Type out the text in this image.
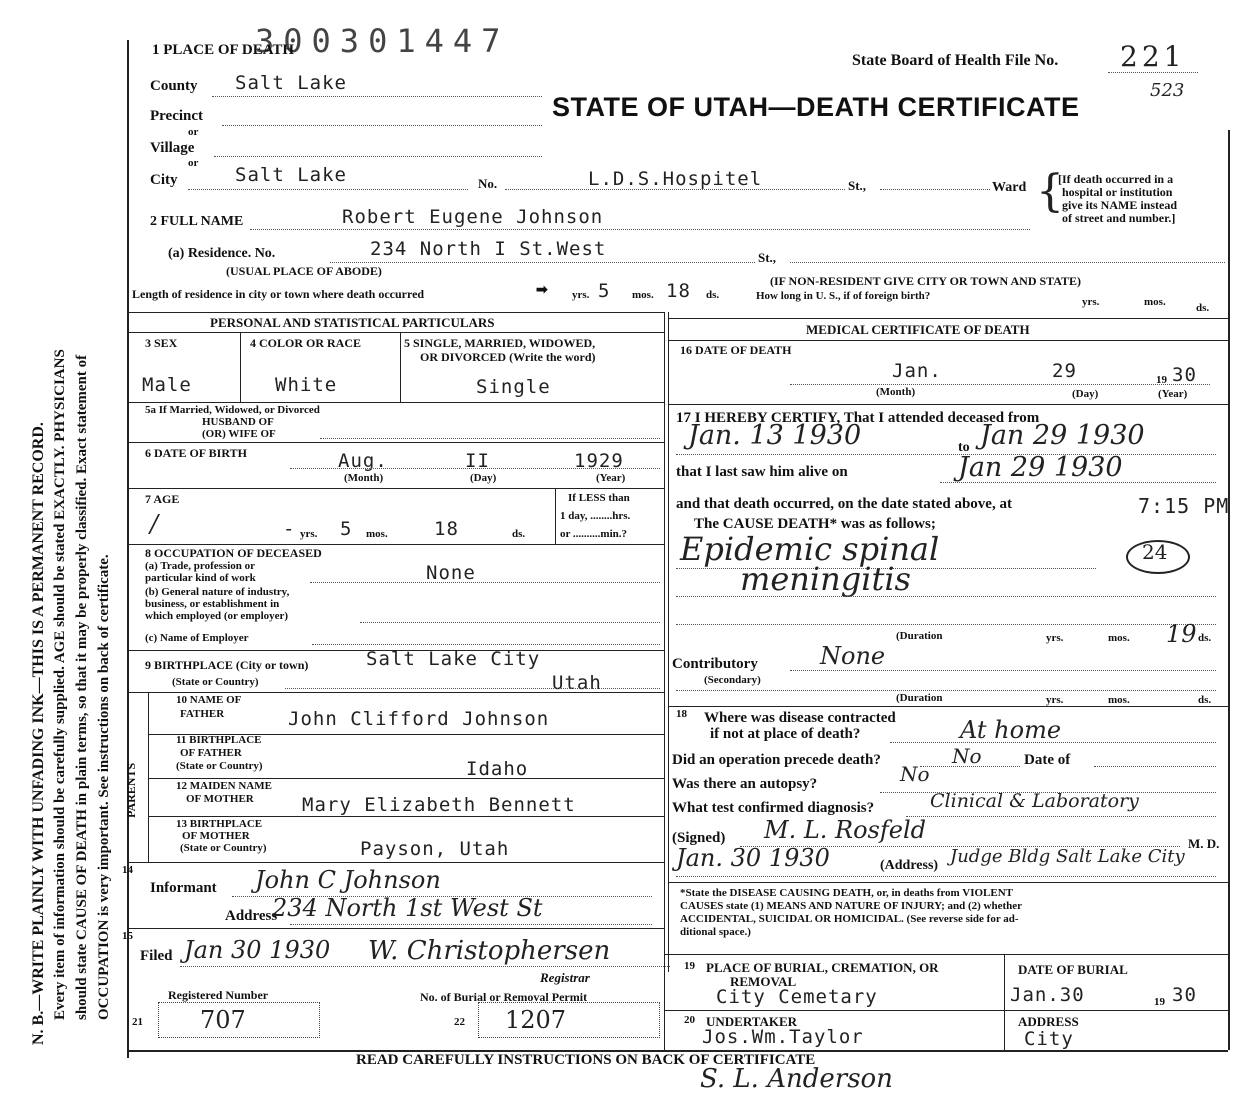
N. B.—WRITE PLAINLY WITH UNFADING INK—THIS IS A PERMANENT RECORD. Every item of information should be carefully supplied. AGE should be stated EXACTLY. PHYSICIANS should state CAUSE OF DEATH in plain terms, so that it may be properly classified. Exact statement of OCCUPATION is very important. See instructions on back of certificate.
300301447
1 PLACE OF DEATH
State Board of Health File No. 221
523
STATE OF UTAH—DEATH CERTIFICATE
County Salt Lake
Precinct
or
Village
or
City	Salt Lake	No.	L.D.S.Hospitel	St.,	Ward {
[If death occurred in a
hospital or institution
give its NAME instead
of street and number.]
2 FULL NAME	Robert Eugene Johnson
(a) Residence. No.	234 North I St.West	St.,
(USUAL PLACE OF ABODE)
(IF NON-RESIDENT GIVE CITY OR TOWN AND STATE)
Length of residence in city or town where death occurred	➡ yrs. 5 mos. 18 ds.	How long in U. S., if of foreign birth?	yrs.	mos.	ds.
PERSONAL AND STATISTICAL PARTICULARS	MEDICAL CERTIFICATE OF DEATH
3 SEX	4 COLOR OR RACE	5 SINGLE, MARRIED, WIDOWED,
OR DIVORCED (Write the word)
Male	White	Single
5a If Married, Widowed, or Divorced
HUSBAND OF
(OR) WIFE OF
6 DATE OF BIRTH	Aug.	II	1929
(Month)	(Day)	(Year)
7 AGE
/	- yrs. 5 mos. 18	ds.
If LESS than
1 day, ........hrs.
or ..........min.?
8 OCCUPATION OF DECEASED
(a) Trade, profession or
particular kind of work	None
(b) General nature of industry,
business, or establishment in
which employed (or employer)
(c) Name of Employer
9 BIRTHPLACE (City or town)	Salt Lake City
(State or Country)	Utah
PARENTS
10 NAME OF
FATHER	John Clifford Johnson
11 BIRTHPLACE
OF FATHER
(State or Country)	Idaho
12 MAIDEN NAME
OF MOTHER	Mary Elizabeth Bennett
13 BIRTHPLACE
OF MOTHER
(State or Country)	Payson, Utah
14
Informant John C Johnson
Address
234 North 1st West St
15
Filed Jan 30 1930 W. Christophersen
Registrar
Registered Number	No. of Burial or Removal Permit
21 707	22 1207
16 DATE OF DEATH
Jan.	29	19 30
(Month)	(Day)	(Year)
17 I HEREBY CERTIFY, That I attended deceased from
Jan. 13 1930	to Jan 29 1930
that I last saw him alive on	Jan 29 1930
and that death occurred, on the date stated above, at	7:15 PM
The CAUSE DEATH* was as follows;
Epidemic spinal	24
meningitis
(Duration	yrs.	mos. 19 ds.
Contributory
(Secondary)
None
(Duration	yrs.	mos.	ds.
18 Where was disease contracted
if not at place of death?	At home
Did an operation precede death?	No	Date of
Was there an autopsy?	No
What test confirmed diagnosis?	Clinical & Laboratory
(Signed) M. L. Rosfeld	M. D.
Jan. 30 1930	(Address) Judge Bldg Salt Lake City
*State the DISEASE CAUSING DEATH, or, in deaths from VIOLENT
CAUSES state (1) MEANS AND NATURE OF INJURY; and (2) whether
ACCIDENTAL, SUICIDAL OR HOMICIDAL. (See reverse side for ad-
ditional space.)
19 PLACE OF BURIAL, CREMATION, OR
REMOVAL
City Cemetary
DATE OF BURIAL
Jan.30	19 30
20 UNDERTAKER
Jos.Wm.Taylor
ADDRESS
City
READ CAREFULLY INSTRUCTIONS ON BACK OF CERTIFICATE
S. L. Anderson
